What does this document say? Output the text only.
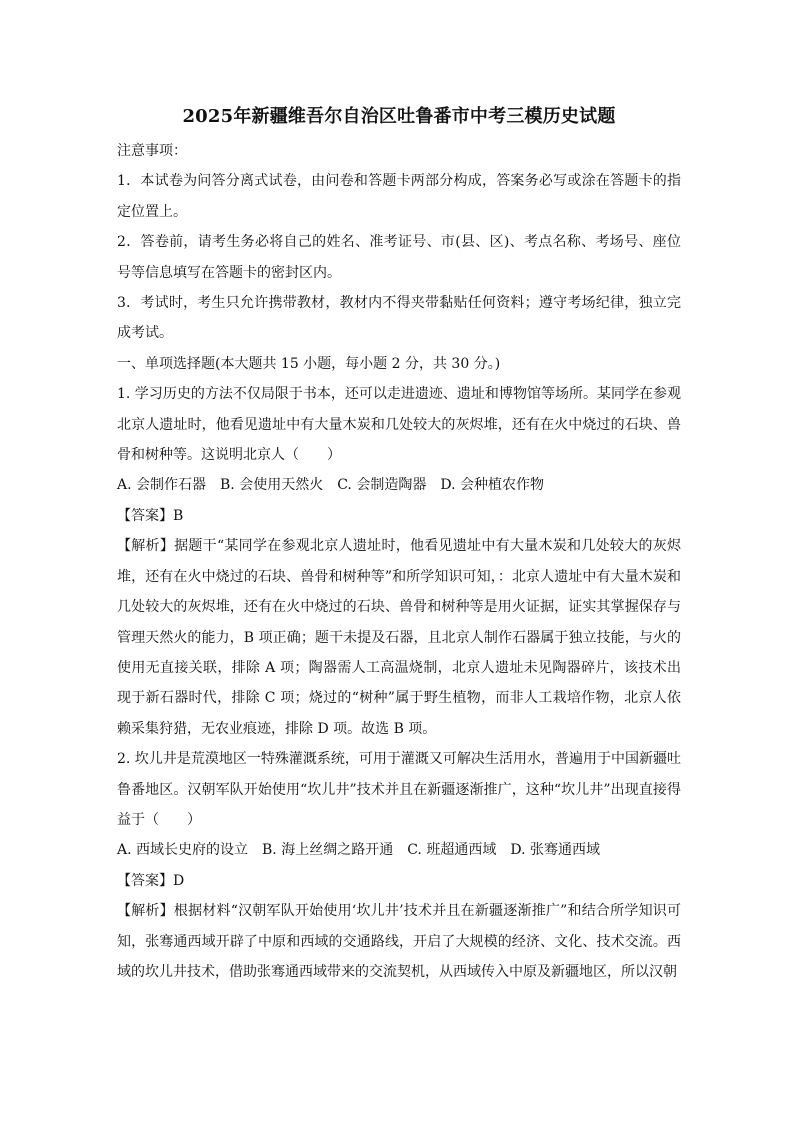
2025年新疆维吾尔自治区吐鲁番市中考三模历史试题

注意事项：

1．本试卷为问答分离式试卷，由问卷和答题卡两部分构成，答案务必写或涂在答题卡的指定位置上。

2．答卷前，请考生务必将自己的姓名、准考证号、市(县、区)、考点名称、考场号、座位号等信息填写在答题卡的密封区内。

3．考试时，考生只允许携带教材，教材内不得夹带黏贴任何资料；遵守考场纪律，独立完成考试。

一、单项选择题(本大题共 15 小题，每小题 2 分，共 30 分。)

1. 学习历史的方法不仅局限于书本，还可以走进遗迹、遗址和博物馆等场所。某同学在参观北京人遗址时，他看见遗址中有大量木炭和几处较大的灰烬堆，还有在火中烧过的石块、兽骨和树种等。这说明北京人（　　）

A. 会制作石器 B. 会使用天然火 C. 会制造陶器 D. 会种植农作物

【答案】B

【解析】据题干“某同学在参观北京人遗址时，他看见遗址中有大量木炭和几处较大的灰烬堆，还有在火中烧过的石块、兽骨和树种等”和所学知识可知，：北京人遗址中有大量木炭和几处较大的灰烬堆，还有在火中烧过的石块、兽骨和树种等是用火证据，证实其掌握保存与管理天然火的能力，B 项正确；题干未提及石器，且北京人制作石器属于独立技能，与火的使用无直接关联，排除 A 项；陶器需人工高温烧制，北京人遗址未见陶器碎片，该技术出现于新石器时代，排除 C 项；烧过的“树种”属于野生植物，而非人工栽培作物，北京人依赖采集狩猎，无农业痕迹，排除 D 项。故选 B 项。

2. 坎儿井是荒漠地区一特殊灌溉系统，可用于灌溉又可解决生活用水，普遍用于中国新疆吐鲁番地区。汉朝军队开始使用“坎儿井”技术并且在新疆逐渐推广，这种“坎儿井”出现直接得益于（　　）

A. 西域长史府的设立 B. 海上丝绸之路开通 C. 班超通西域 D. 张骞通西域

【答案】D

【解析】根据材料“汉朝军队开始使用‘坎儿井’技术并且在新疆逐渐推广”和结合所学知识可知，张骞通西域开辟了中原和西域的交通路线，开启了大规模的经济、文化、技术交流。西域的坎儿井技术，借助张骞通西域带来的交流契机，从西域传入中原及新疆地区，所以汉朝
